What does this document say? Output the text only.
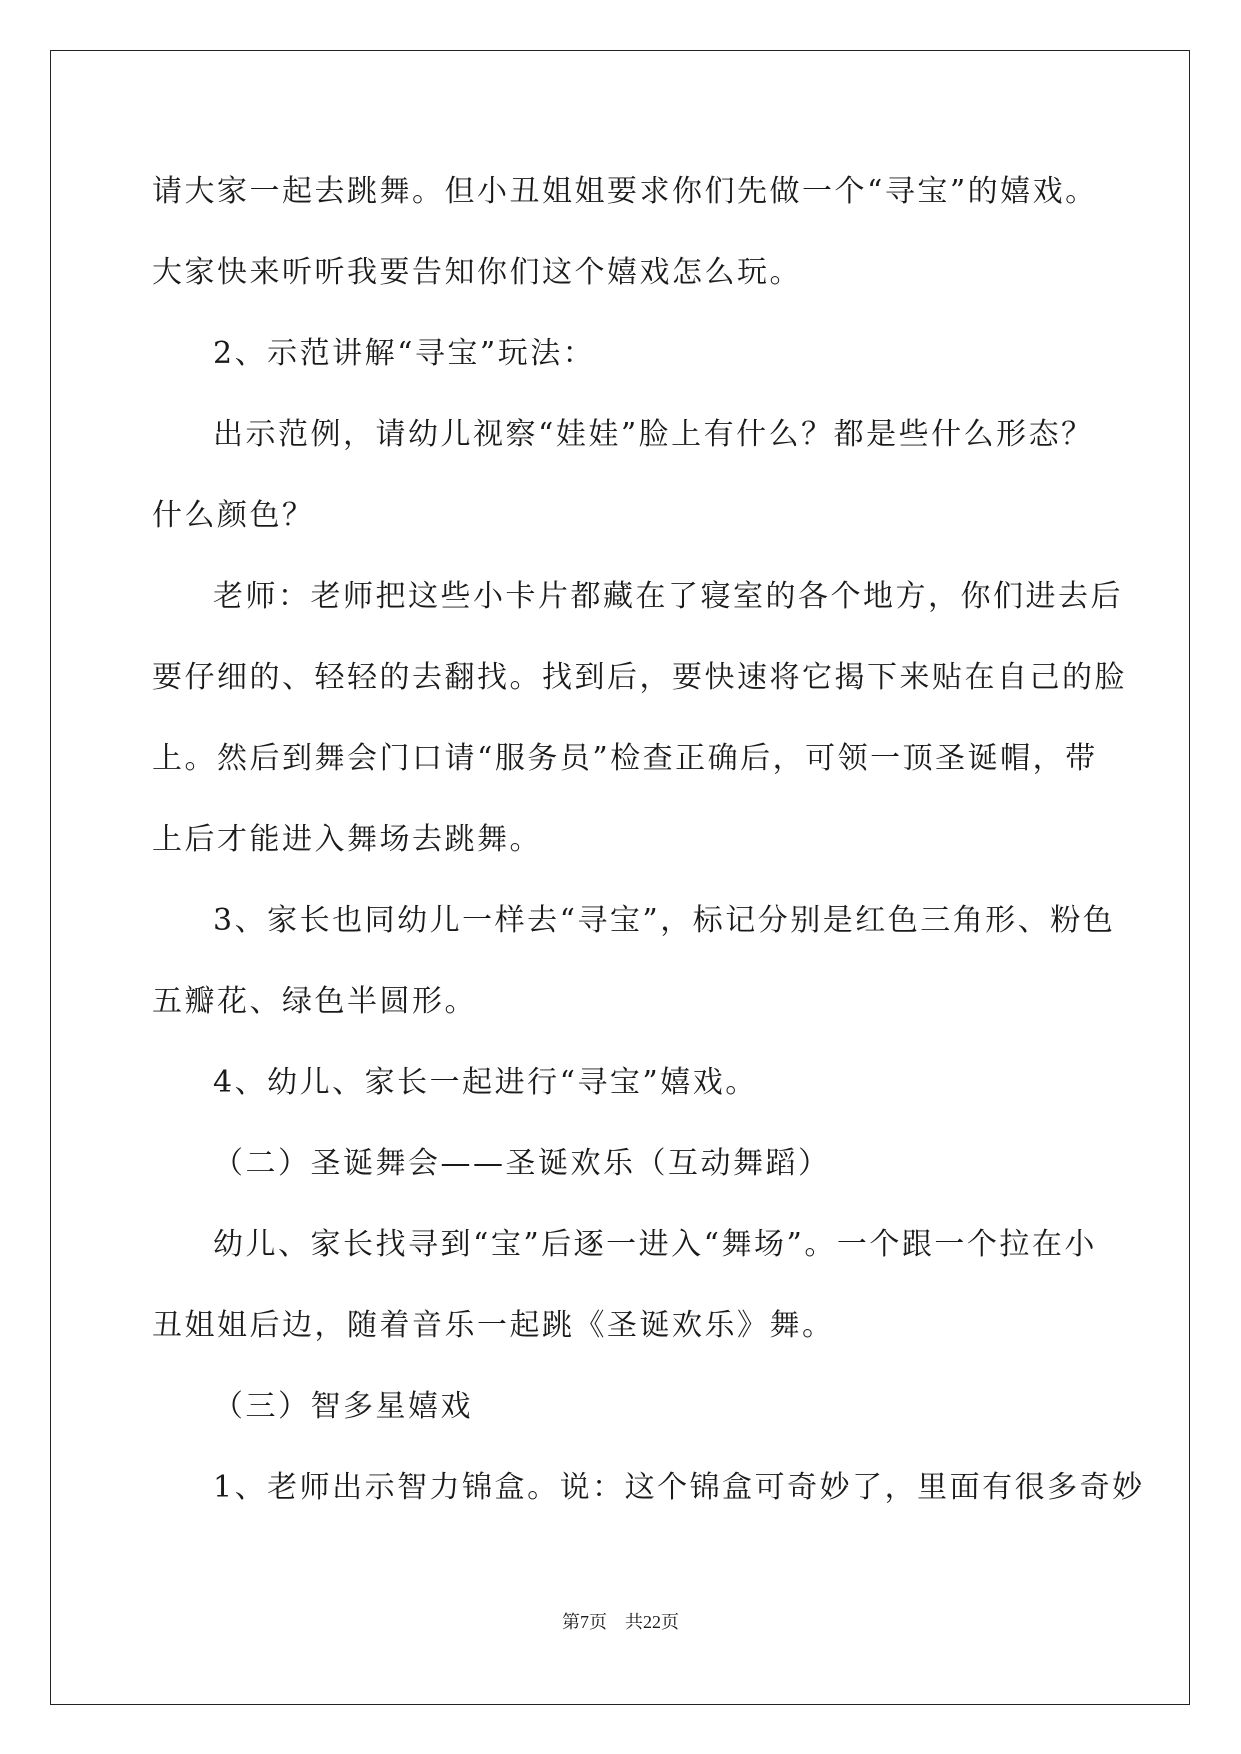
请大家一起去跳舞。但小丑姐姐要求你们先做一个“寻宝”的嬉戏。
大家快来听听我要告知你们这个嬉戏怎么玩。
2、示范讲解“寻宝”玩法：
出示范例，请幼儿视察“娃娃”脸上有什么？都是些什么形态？
什么颜色？
老师：老师把这些小卡片都藏在了寝室的各个地方，你们进去后
要仔细的、轻轻的去翻找。找到后，要快速将它揭下来贴在自己的脸
上。然后到舞会门口请“服务员”检查正确后，可领一顶圣诞帽，带
上后才能进入舞场去跳舞。
3、家长也同幼儿一样去“寻宝”，标记分别是红色三角形、粉色
五瓣花、绿色半圆形。
4、幼儿、家长一起进行“寻宝”嬉戏。
（二）圣诞舞会——圣诞欢乐（互动舞蹈）
幼儿、家长找寻到“宝”后逐一进入“舞场”。一个跟一个拉在小
丑姐姐后边，随着音乐一起跳《圣诞欢乐》舞。
（三）智多星嬉戏
1、老师出示智力锦盒。说：这个锦盒可奇妙了，里面有很多奇妙
第7页 共22页
